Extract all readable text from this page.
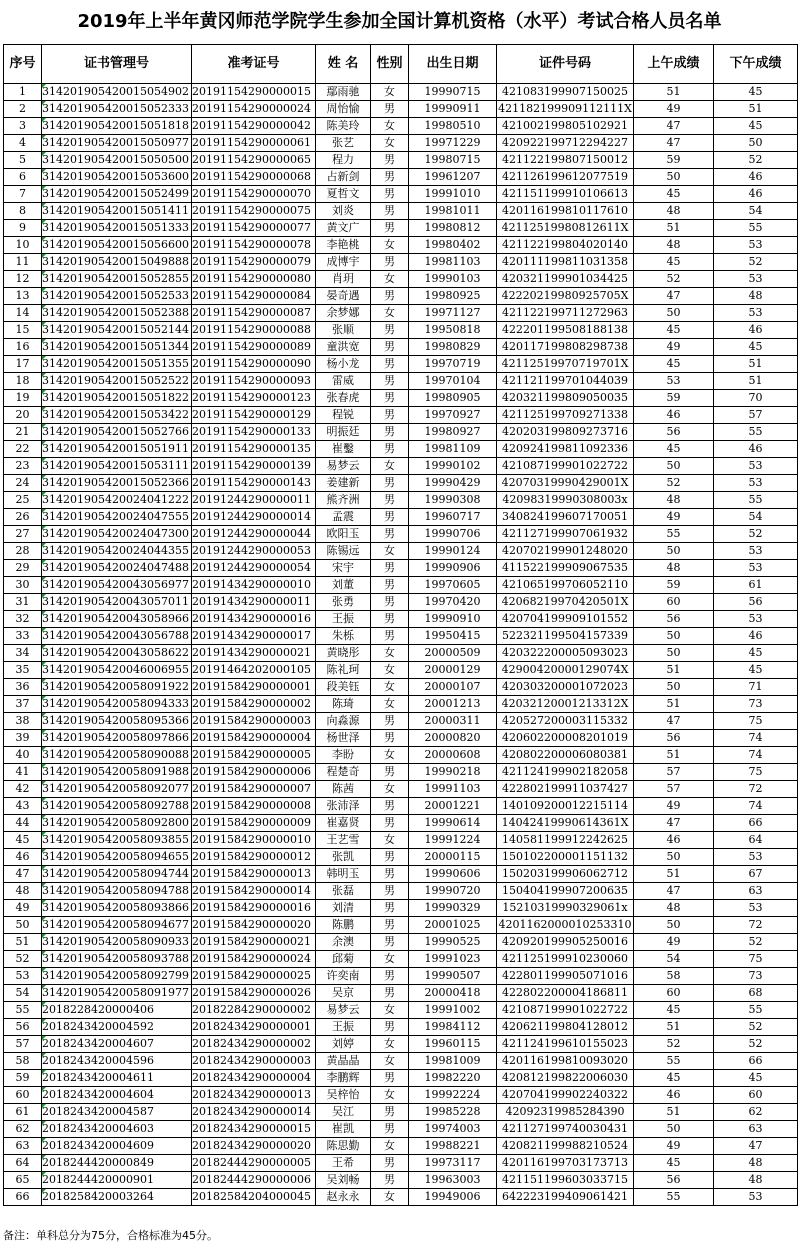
2019年上半年黄冈师范学院学生参加全国计算机资格（水平）考试合格人员名单
序号	证书管理号	准考证号	姓 名	性别	出生日期	证件号码	上午成绩	下午成绩
1	314201905420015054902	20191154290000015	鄢雨驰	女	19990715	42108319990715002​5	51	45
2	314201905420015052333	20191154290000024	周怡愉	男	19990911	421182199909112111X	49	51
3	314201905420015051818	20191154290000042	陈美玲	女	19980510	421002199805102921	47	45
4	314201905420015050977	20191154290000061	张艺	女	19971229	42092219971229​4227	47	50
5	314201905420015050500	20191154290000065	程力	男	19980715	42112219980715001​2	59	52
6	314201905420015053600	20191154290000068	占新剑	男	19961207	421126199612077519	50	46
7	314201905420015052499	20191154290000070	夏哲文	男	19991010	42115119991010661​3	45	46
8	314201905420015051411	20191154290000075	刘炎	男	19981011	42011619981011761​0	48	54
9	314201905420015051333	20191154290000077	黄文广	男	19980812	42112519980812611X	51	55
10	314201905420015056600	20191154290000078	李艳桃	女	19980402	42112219980402014​0	48	53
11	314201905420015049888	20191154290000079	成博宇	男	19981103	42011119981103135​8	45	52
12	314201905420015052855	20191154290000080	肖玥	女	19990103	42032119990103442​5	52	53
13	314201905420015052533	20191154290000084	晏奇遇	男	19980925	42220219980925705X	47	48
14	314201905420015052388	20191154290000087	余梦娜	女	19971127	42112219971127296​3	50	53
15	314201905420015052144	20191154290000088	张顺	男	19950818	42220119950818813​8	45	46
16	314201905420015051344	20191154290000089	童洪宽	男	19980829	42011719980829873​8	49	45
17	314201905420015051355	20191154290000090	杨小龙	男	19970719	42112519970719701X	45	51
18	314201905420015052522	20191154290000093	雷威	男	19970104	42112119970104403​9	53	51
19	314201905420015051822	20191154290000123	张春虎	男	19980905	42032119980905003​5	59	70
20	314201905420015053422	20191154290000129	程锐	男	19970927	42112519970927133​8	46	57
21	314201905420015052766	20191154290000133	明振廷	男	19980927	42020319980927371​6	56	55
22	314201905420015051911	20191154290000135	崔鑿	男	19981109	42092419981109233​6	45	46
23	314201905420015053111	20191154290000139	易梦云	女	19990102	42108719990102272​2	50	53
24	314201905420015052366	20191154290000143	姜建新	男	19990429	42070319990429001X	52	53
25	314201905420024041222	20191244290000011	熊齐洲	男	19990308	42098319990308003x	48	55
26	314201905420024047555	20191244290000014	孟震	男	19960717	34082419960717005​1	49	54
27	314201905420024047300	20191244290000044	欧阳玉	男	19990706	42112719990706193​2	55	52
28	314201905420024044355	20191244290000053	陈锡远	女	19990124	42070219990124802​0	50	53
29	314201905420024047488	20191244290000054	宋宇	男	19990906	41152219990906753​5	48	53
30	314201905420043056977	20191434290000010	刘董	男	19970605	42106519970605211​0	59	61
31	314201905420043057011	20191434290000011	张勇	男	19970420	42068219970420501X	60	56
32	314201905420043058966	20191434290000016	王振	男	19990910	42070419990910155​2	56	53
33	314201905420043056788	20191434290000017	朱栎	男	19950415	52232119950415733​9	50	46
34	314201905420043058622	20191434290000021	黄晓彤	女	20000509	42032220000509302​3	50	45
35	314201905420046006955	20191464202000105	陈礼珂	女	20000129	42900420000129074X	51	45
36	314201905420058091922	20191584290000001	段美钰	女	20000107	42030320000107202​3	50	71
37	314201905420058094333	20191584290000002	陈琦	女	20001213	42032120001213312X	51	73
38	314201905420058095366	20191584290000003	向淼源	男	20000311	42052720000311533​2	47	75
39	314201905420058097866	20191584290000004	杨世泽	男	20000820	42060220000820101​9	56	74
40	314201905420058090088	20191584290000005	李盼	女	20000608	42080220000608038​1	51	74
41	314201905420058091988	20191584290000006	程楚奇	男	19990218	42112419990218205​8	57	75
42	314201905420058092077	20191584290000007	陈茜	女	19991103	42280219991103742​7	57	72
43	314201905420058092788	20191584290000008	张沛泽	男	20001221	14010920001221511​4	49	74
44	314201905420058092800	20191584290000009	崔嘉贤	男	19990614	14042419990614361X	47	66
45	314201905420058093855	20191584290000010	王艺雪	女	19991224	14058119991224262​5	46	64
46	314201905420058094655	20191584290000012	张凯	男	20000115	15010220000115113​2	50	53
47	314201905420058094744	20191584290000013	韩明玉	男	19990606	15020319990606271​2	51	67
48	314201905420058094788	20191584290000014	张磊	男	19990720	15040419990720063​5	47	63
49	314201905420058093866	20191584290000016	刘清	男	19990329	15210319990329061x	48	53
50	314201905420058094677	20191584290000020	陈鹏	男	20001025	42011620000102533​10	50	72
51	314201905420058090933	20191584290000021	余澳	男	19990525	42092019990525001​6	49	52
52	314201905420058093788	20191584290000024	邱菊	女	19991023	42112519991023006​0	54	75
53	314201905420058092799	20191584290000025	许奕南	男	19990507	42280119990507101​6	58	73
54	314201905420058091977	20191584290000026	吴京	男	20000418	42280220000418681​1	60	68
55	2018228420000406	20182284290000002	易梦云	女	19991002	42108719990102272​2	45	55
56	2018243420004592	20182434290000001	王振	男	19984112	42062119980412801​2	51	52
57	2018243420004607	20182434290000002	刘婷	女	19960115	42112419961015502​3	52	52
58	2018243420004596	20182434290000003	黄晶晶	女	19981009	42011619981009302​0	55	66
59	2018243420004611	20182434290000004	李鹏辉	男	19982220	42081219982200603​0	45	45
60	2018243420004604	20182434290000013	吴梓怡	女	19992224	42070419990224032​2	46	60
61	2018243420004587	20182434290000014	吴江	男	19985228	42092319985284390	51	62
62	2018243420004603	20182434290000015	崔凯	男	19974003	42112719974003043​1	50	63
63	2018243420004609	20182434290000020	陈思勤	女	19988221	42082119998821052​4	49	47
64	2018244420000849	20182444290000005	王希	男	19973117	42011619970317371​3	45	48
65	2018244420000901	20182444290000006	吴刘畅	男	19963003	42115119960303371​5	56	48
66	2018258420003264	20182584204000045	赵永永	女	19949006	64222319940906142​1	55	53
备注：单科总分为75分，合格标准为45分。
